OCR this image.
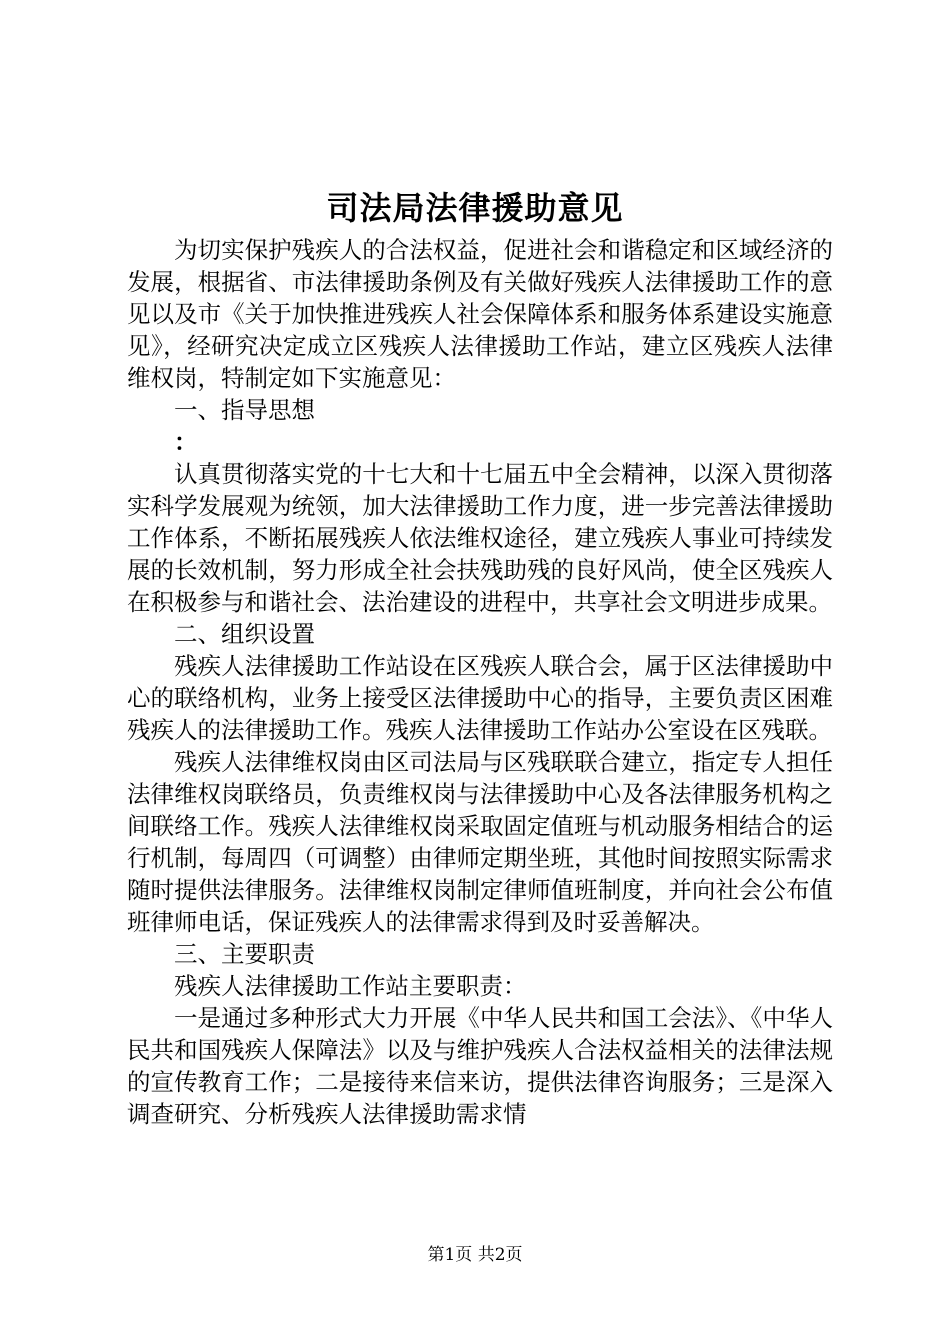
司法局法律援助意见

为切实保护残疾人的合法权益，促进社会和谐稳定和区域经济的发展，根据省、市法律援助条例及有关做好残疾人法律援助工作的意见以及市《关于加快推进残疾人社会保障体系和服务体系建设实施意见》，经研究决定成立区残疾人法律援助工作站，建立区残疾人法律维权岗，特制定如下实施意见：

一、指导思想

：

认真贯彻落实党的十七大和十七届五中全会精神，以深入贯彻落实科学发展观为统领，加大法律援助工作力度，进一步完善法律援助工作体系，不断拓展残疾人依法维权途径，建立残疾人事业可持续发展的长效机制，努力形成全社会扶残助残的良好风尚，使全区残疾人在积极参与和谐社会、法治建设的进程中，共享社会文明进步成果。

二、组织设置

残疾人法律援助工作站设在区残疾人联合会，属于区法律援助中心的联络机构，业务上接受区法律援助中心的指导，主要负责区困难残疾人的法律援助工作。残疾人法律援助工作站办公室设在区残联。

残疾人法律维权岗由区司法局与区残联联合建立，指定专人担任法律维权岗联络员，负责维权岗与法律援助中心及各法律服务机构之间联络工作。残疾人法律维权岗采取固定值班与机动服务相结合的运行机制，每周四（可调整）由律师定期坐班，其他时间按照实际需求随时提供法律服务。法律维权岗制定律师值班制度，并向社会公布值班律师电话，保证残疾人的法律需求得到及时妥善解决。

三、主要职责

残疾人法律援助工作站主要职责：

一是通过多种形式大力开展《中华人民共和国工会法》、《中华人民共和国残疾人保障法》以及与维护残疾人合法权益相关的法律法规的宣传教育工作；二是接待来信来访，提供法律咨询服务；三是深入调查研究、分析残疾人法律援助需求情

第1页 共2页
